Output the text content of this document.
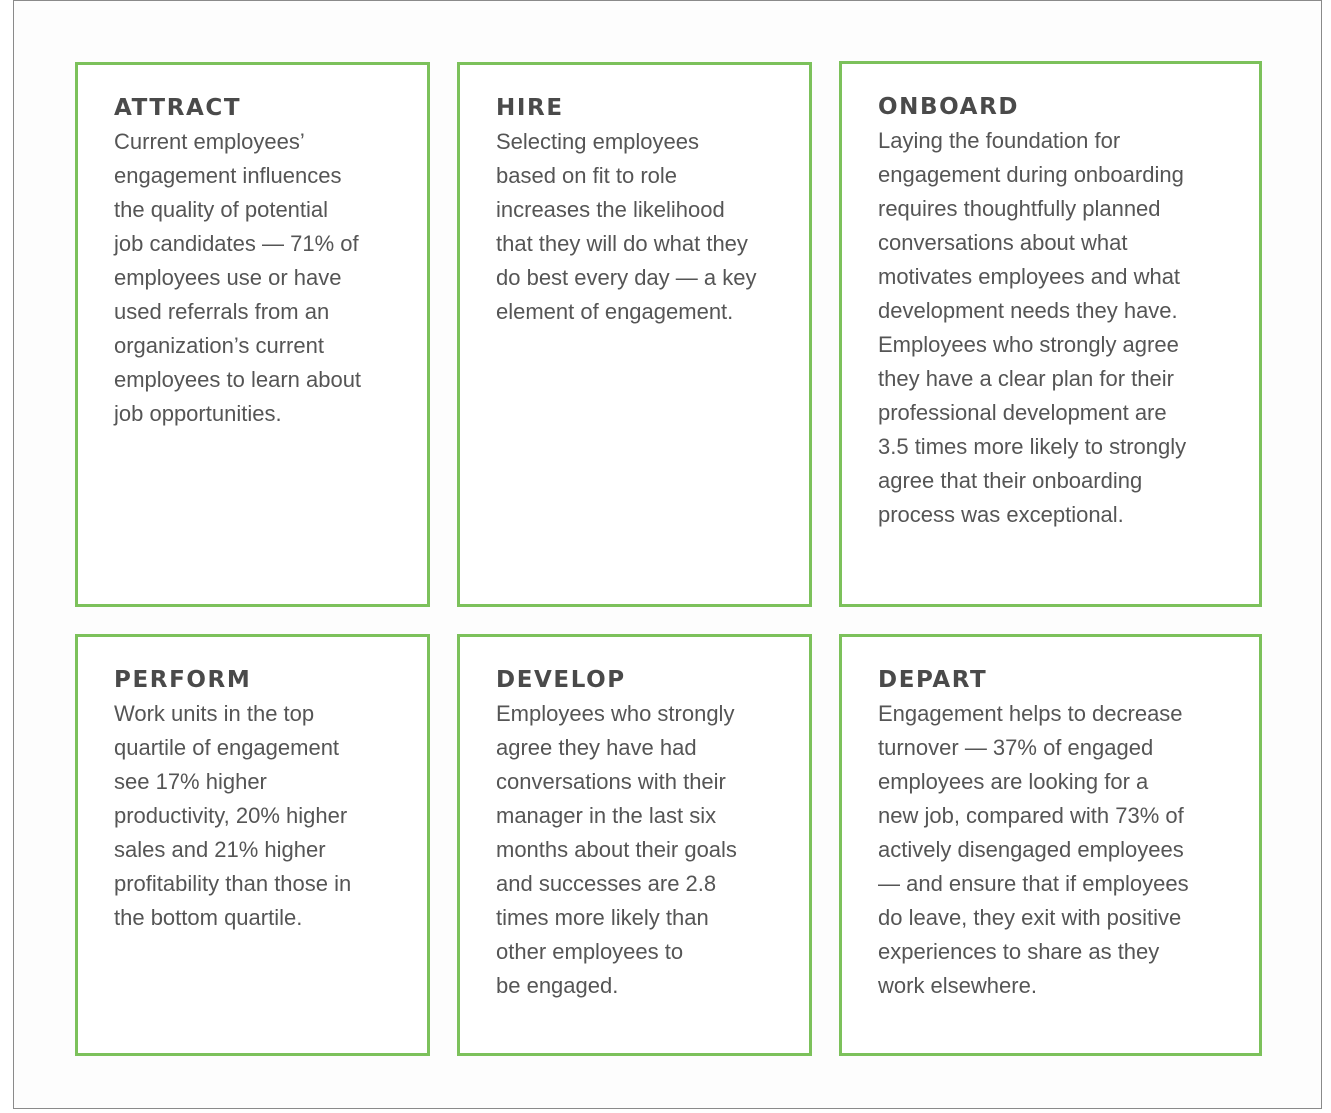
ATTRACT

Current employees’
engagement influences
the quality of potential
job candidates — 71% of
employees use or have
used referrals from an
organization’s current
employees to learn about
job opportunities.

HIRE

Selecting employees
based on fit to role
increases the likelihood
that they will do what they
do best every day — a key
element of engagement.

ONBOARD

Laying the foundation for
engagement during onboarding
requires thoughtfully planned
conversations about what
motivates employees and what
development needs they have.
Employees who strongly agree
they have a clear plan for their
professional development are
3.5 times more likely to strongly
agree that their onboarding
process was exceptional.

PERFORM

Work units in the top
quartile of engagement
see 17% higher
productivity, 20% higher
sales and 21% higher
profitability than those in
the bottom quartile.

DEVELOP

Employees who strongly
agree they have had
conversations with their
manager in the last six
months about their goals
and successes are 2.8
times more likely than
other employees to
be engaged.

DEPART

Engagement helps to decrease
turnover — 37% of engaged
employees are looking for a
new job, compared with 73% of
actively disengaged employees
— and ensure that if employees
do leave, they exit with positive
experiences to share as they
work elsewhere.
